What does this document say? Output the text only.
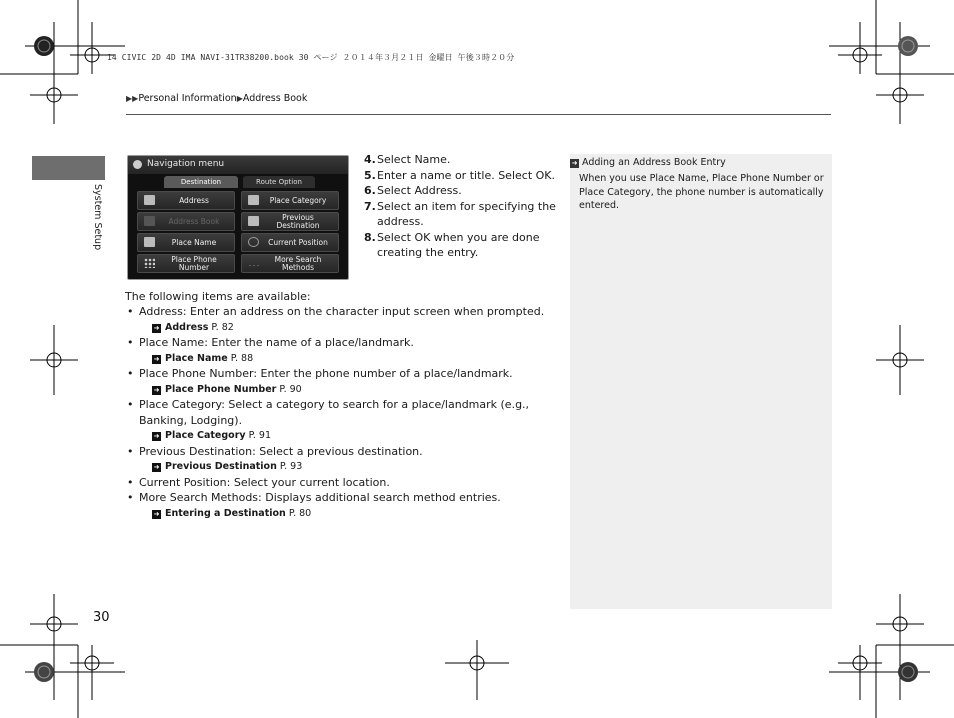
14 CIVIC 2D 4D IMA NAVI-31TR38200.book 30 ページ ２０１４年３月２１日 金曜日 午後３時２０分
▶▶Personal Information▶Address Book
System Setup
Navigation menu
Destination	Route Option
Address	Place Category
Address Book	Previous Destination
Place Name	Current Position
Place Phone Number
More Search Methods
4. Select Name.
5. Enter a name or title. Select OK.
6. Select Address.
7. Select an item for specifying the address.
8. Select OK when you are done creating the entry.
The following items are available:
• Address: Enter an address on the character input screen when prompted.
➜ Address P. 82
• Place Name: Enter the name of a place/landmark.
➜ Place Name P. 88
• Place Phone Number: Enter the phone number of a place/landmark.
➜ Place Phone Number P. 90
• Place Category: Select a category to search for a place/landmark (e.g., Banking, Lodging).
➜ Place Category P. 91
• Previous Destination: Select a previous destination.
➜ Previous Destination P. 93
• Current Position: Select your current location.
• More Search Methods: Displays additional search method entries.
➜ Entering a Destination P. 80
➜ Adding an Address Book Entry
When you use Place Name, Place Phone Number or Place Category, the phone number is automatically entered.
30
